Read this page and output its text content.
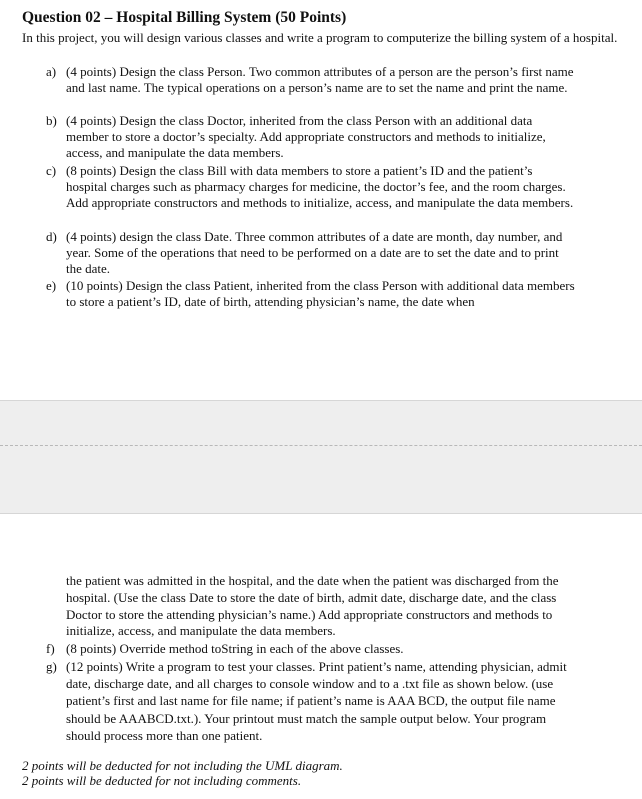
Question 02 – Hospital Billing System (50 Points)

In this project, you will design various classes and write a program to computerize the billing system of a hospital.

a) (4 points) Design the class Person. Two common attributes of a person are the person’s first name and last name. The typical operations on a person’s name are to set the name and print the name.
b) (4 points) Design the class Doctor, inherited from the class Person with an additional data member to store a doctor’s specialty. Add appropriate constructors and methods to initialize, access, and manipulate the data members.
c) (8 points) Design the class Bill with data members to store a patient’s ID and the patient’s hospital charges such as pharmacy charges for medicine, the doctor’s fee, and the room charges. Add appropriate constructors and methods to initialize, access, and manipulate the data members.
d) (4 points) design the class Date. Three common attributes of a date are month, day number, and year. Some of the operations that need to be performed on a date are to set the date and to print the date.
e) (10 points) Design the class Patient, inherited from the class Person with additional data members to store a patient’s ID, date of birth, attending physician’s name, the date when
the patient was admitted in the hospital, and the date when the patient was discharged from the hospital. (Use the class Date to store the date of birth, admit date, discharge date, and the class Doctor to store the attending physician’s name.) Add appropriate constructors and methods to initialize, access, and manipulate the data members.
f) (8 points) Override method toString in each of the above classes.
g) (12 points) Write a program to test your classes. Print patient’s name, attending physician, admit date, discharge date, and all charges to console window and to a .txt file as shown below. (use patient’s first and last name for file name; if patient’s name is AAA BCD, the output file name should be AAABCD.txt.). Your printout must match the sample output below. Your program should process more than one patient.
2 points will be deducted for not including the UML diagram.
2 points will be deducted for not including comments.
